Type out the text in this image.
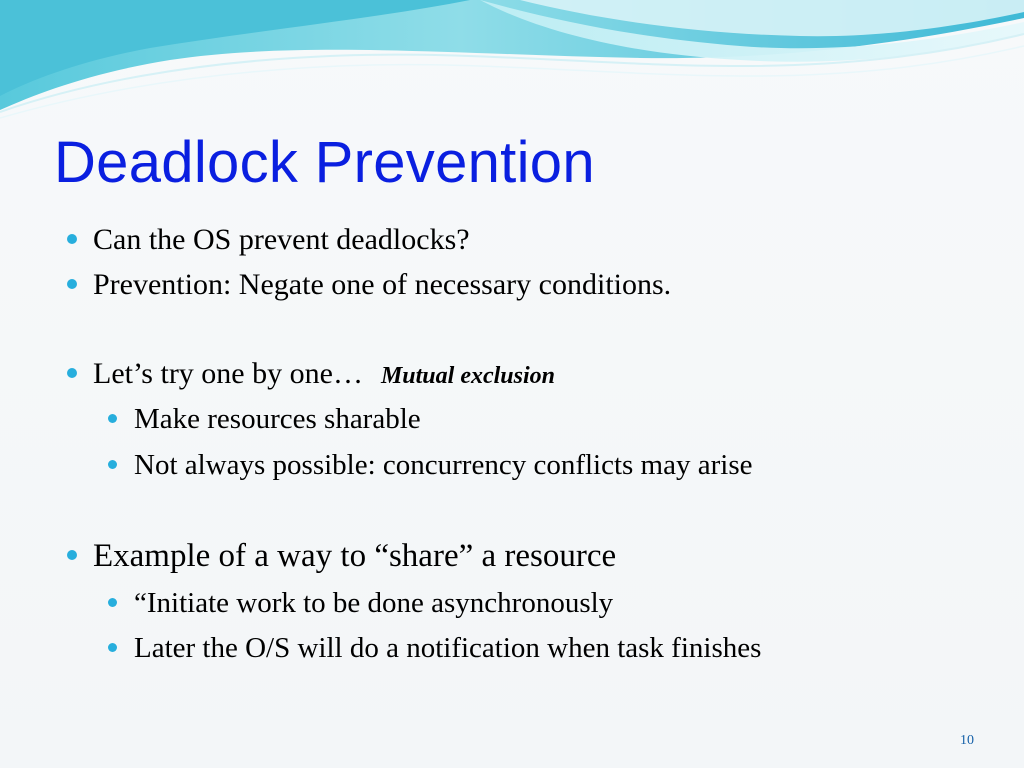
Deadlock Prevention
Can the OS prevent deadlocks?
Prevention: Negate one of necessary conditions.
Let’s try one by one… Mutual exclusion
Make resources sharable
Not always possible: concurrency conflicts may arise
Example of a way to “share” a resource
“Initiate work to be done asynchronously
Later the O/S will do a notification when task finishes
10
